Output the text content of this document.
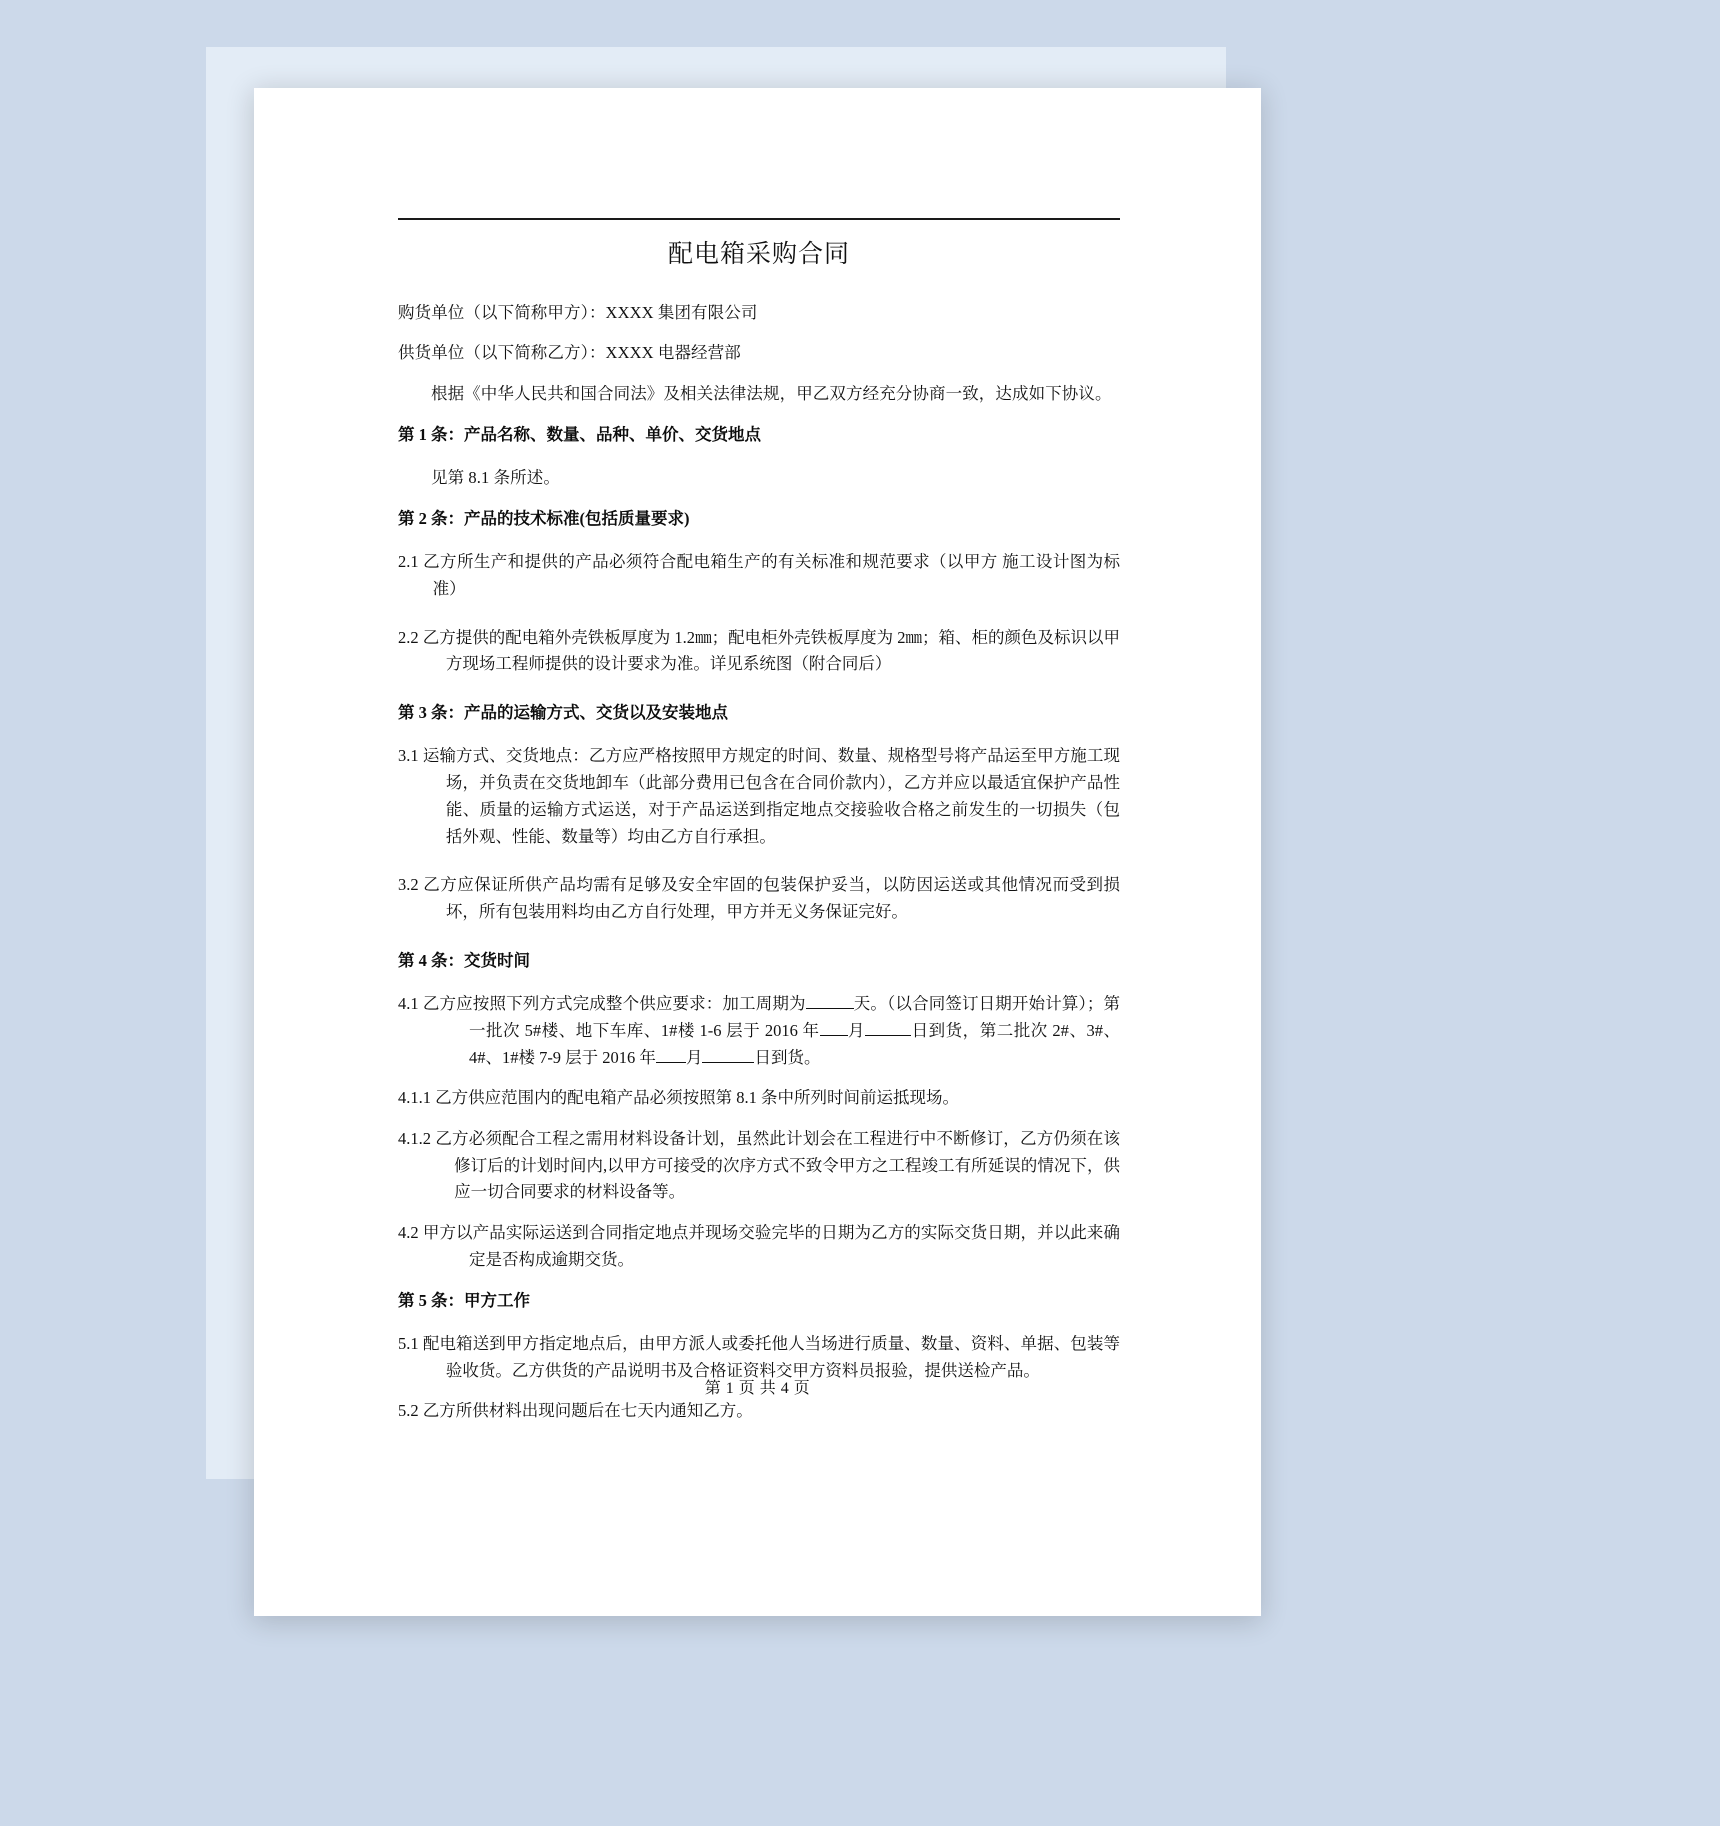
配电箱采购合同

购货单位（以下简称甲方）：XXXX 集团有限公司

供货单位（以下简称乙方）：XXXX 电器经营部

根据《中华人民共和国合同法》及相关法律法规，甲乙双方经充分协商一致，达成如下协议。

第 1 条：产品名称、数量、品种、单价、交货地点

见第 8.1 条所述。

第 2 条：产品的技术标准(包括质量要求)

2.1 乙方所生产和提供的产品必须符合配电箱生产的有关标准和规范要求（以甲方 施工设计图为标准）

2.2 乙方提供的配电箱外壳铁板厚度为 1.2㎜；配电柜外壳铁板厚度为 2㎜；箱、柜的颜色及标识以甲方现场工程师提供的设计要求为准。详见系统图（附合同后）

第 3 条：产品的运输方式、交货以及安装地点

3.1 运输方式、交货地点：乙方应严格按照甲方规定的时间、数量、规格型号将产品运至甲方施工现场，并负责在交货地卸车（此部分费用已包含在合同价款内），乙方并应以最适宜保护产品性能、质量的运输方式运送，对于产品运送到指定地点交接验收合格之前发生的一切损失（包括外观、性能、数量等）均由乙方自行承担。

3.2 乙方应保证所供产品均需有足够及安全牢固的包装保护妥当，以防因运送或其他情况而受到损坏，所有包装用料均由乙方自行处理，甲方并无义务保证完好。

第 4 条：交货时间

4.1 乙方应按照下列方式完成整个供应要求：加工周期为	天。（以合同签订日期开始计算）；第一批次 5#楼、地下车库、1#楼 1-6 层于 2016 年 月	日到货，第二批次 2#、3#、4#、1#楼 7-9 层于 2016 年 月	日到货。

4.1.1 乙方供应范围内的配电箱产品必须按照第 8.1 条中所列时间前运抵现场。

4.1.2 乙方必须配合工程之需用材料设备计划，虽然此计划会在工程进行中不断修订，乙方仍须在该修订后的计划时间内,以甲方可接受的次序方式不致令甲方之工程竣工有所延误的情况下，供应一切合同要求的材料设备等。

4.2 甲方以产品实际运送到合同指定地点并现场交验完毕的日期为乙方的实际交货日期，并以此来确定是否构成逾期交货。

第 5 条：甲方工作

5.1 配电箱送到甲方指定地点后，由甲方派人或委托他人当场进行质量、数量、资料、单据、包装等验收货。乙方供货的产品说明书及合格证资料交甲方资料员报验，提供送检产品。

5.2 乙方所供材料出现问题后在七天内通知乙方。

第 1 页 共 4 页
